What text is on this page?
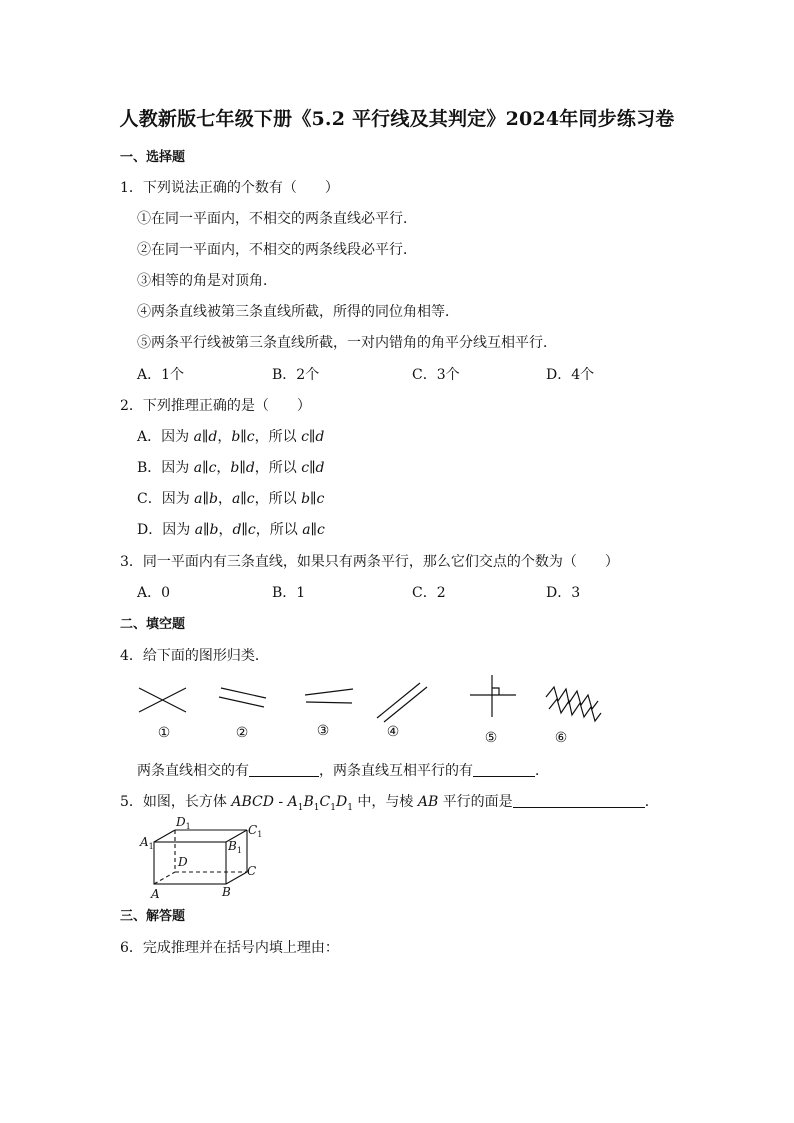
人教新版七年级下册《5.2 平行线及其判定》2024年同步练习卷
一、选择题
1．下列说法正确的个数有（　　）
①在同一平面内，不相交的两条直线必平行．
②在同一平面内，不相交的两条线段必平行．
③相等的角是对顶角．
④两条直线被第三条直线所截，所得的同位角相等．
⑤两条平行线被第三条直线所截，一对内错角的角平分线互相平行．
A．1个	B．2个	C．3个	D．4个
2．下列推理正确的是（　　）
A．因为 a∥d，b∥c，所以 c∥d
B．因为 a∥c，b∥d，所以 c∥d
C．因为 a∥b，a∥c，所以 b∥c
D．因为 a∥b，d∥c，所以 a∥c
3．同一平面内有三条直线，如果只有两条平行，那么它们交点的个数为（　　）
A．0	B．1	C．2	D．3
二、填空题
4．给下面的图形归类．
①	②	③	④	⑤	⑥
两条直线相交的有	，两条直线互相平行的有	．
5．如图，长方体 ABCD - $A_1B_1C_1D_1$ 中，与棱 AB 平行的面是	．
$D_1$	$C_1$
$A_1$	$B_1$
D
C
A	B
三、解答题
6．完成推理并在括号内填上理由：
